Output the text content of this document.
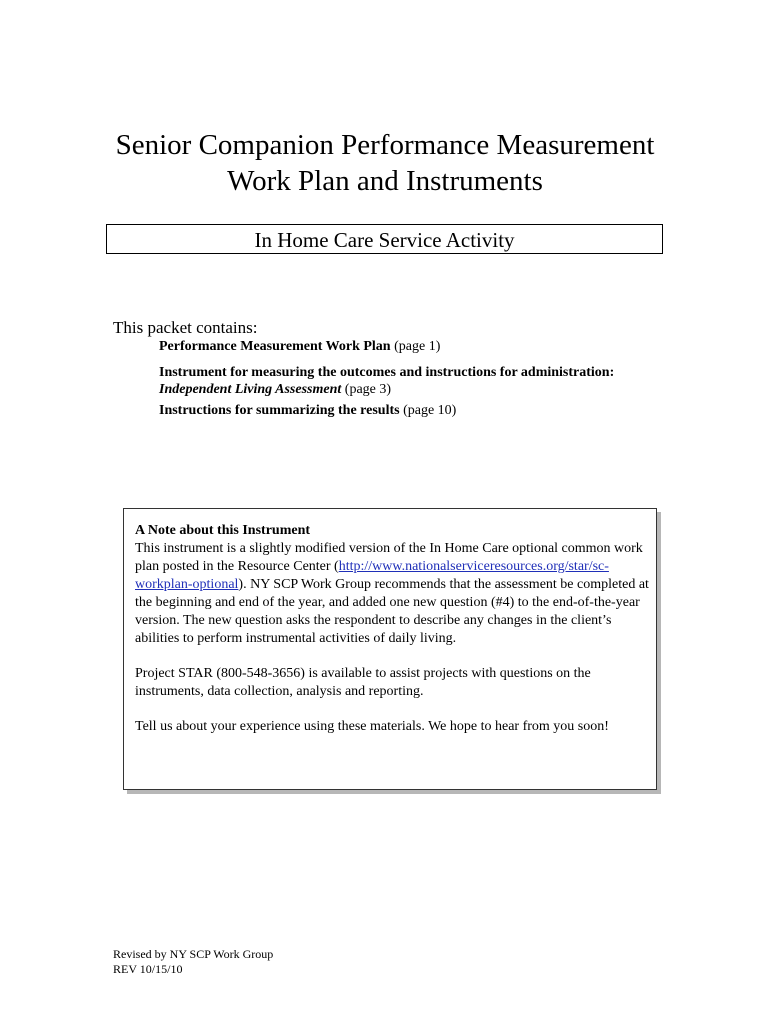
Senior Companion Performance Measurement
Work Plan and Instruments
In Home Care Service Activity
This packet contains:
Performance Measurement Work Plan (page 1)
Instrument for measuring the outcomes and instructions for administration:
Independent Living Assessment (page 3)
Instructions for summarizing the results (page 10)

A Note about this Instrument
This instrument is a slightly modified version of the In Home Care optional common work plan posted in the Resource Center (http://www.nationalserviceresources.org/star/sc-workplan-optional). NY SCP Work Group recommends that the assessment be completed at the beginning and end of the year, and added one new question (#4) to the end-of-the-year version. The new question asks the respondent to describe any changes in the client’s abilities to perform instrumental activities of daily living.

Project STAR (800-548-3656) is available to assist projects with questions on the instruments, data collection, analysis and reporting.

Tell us about your experience using these materials. We hope to hear from you soon!

Revised by NY SCP Work Group
REV 10/15/10
